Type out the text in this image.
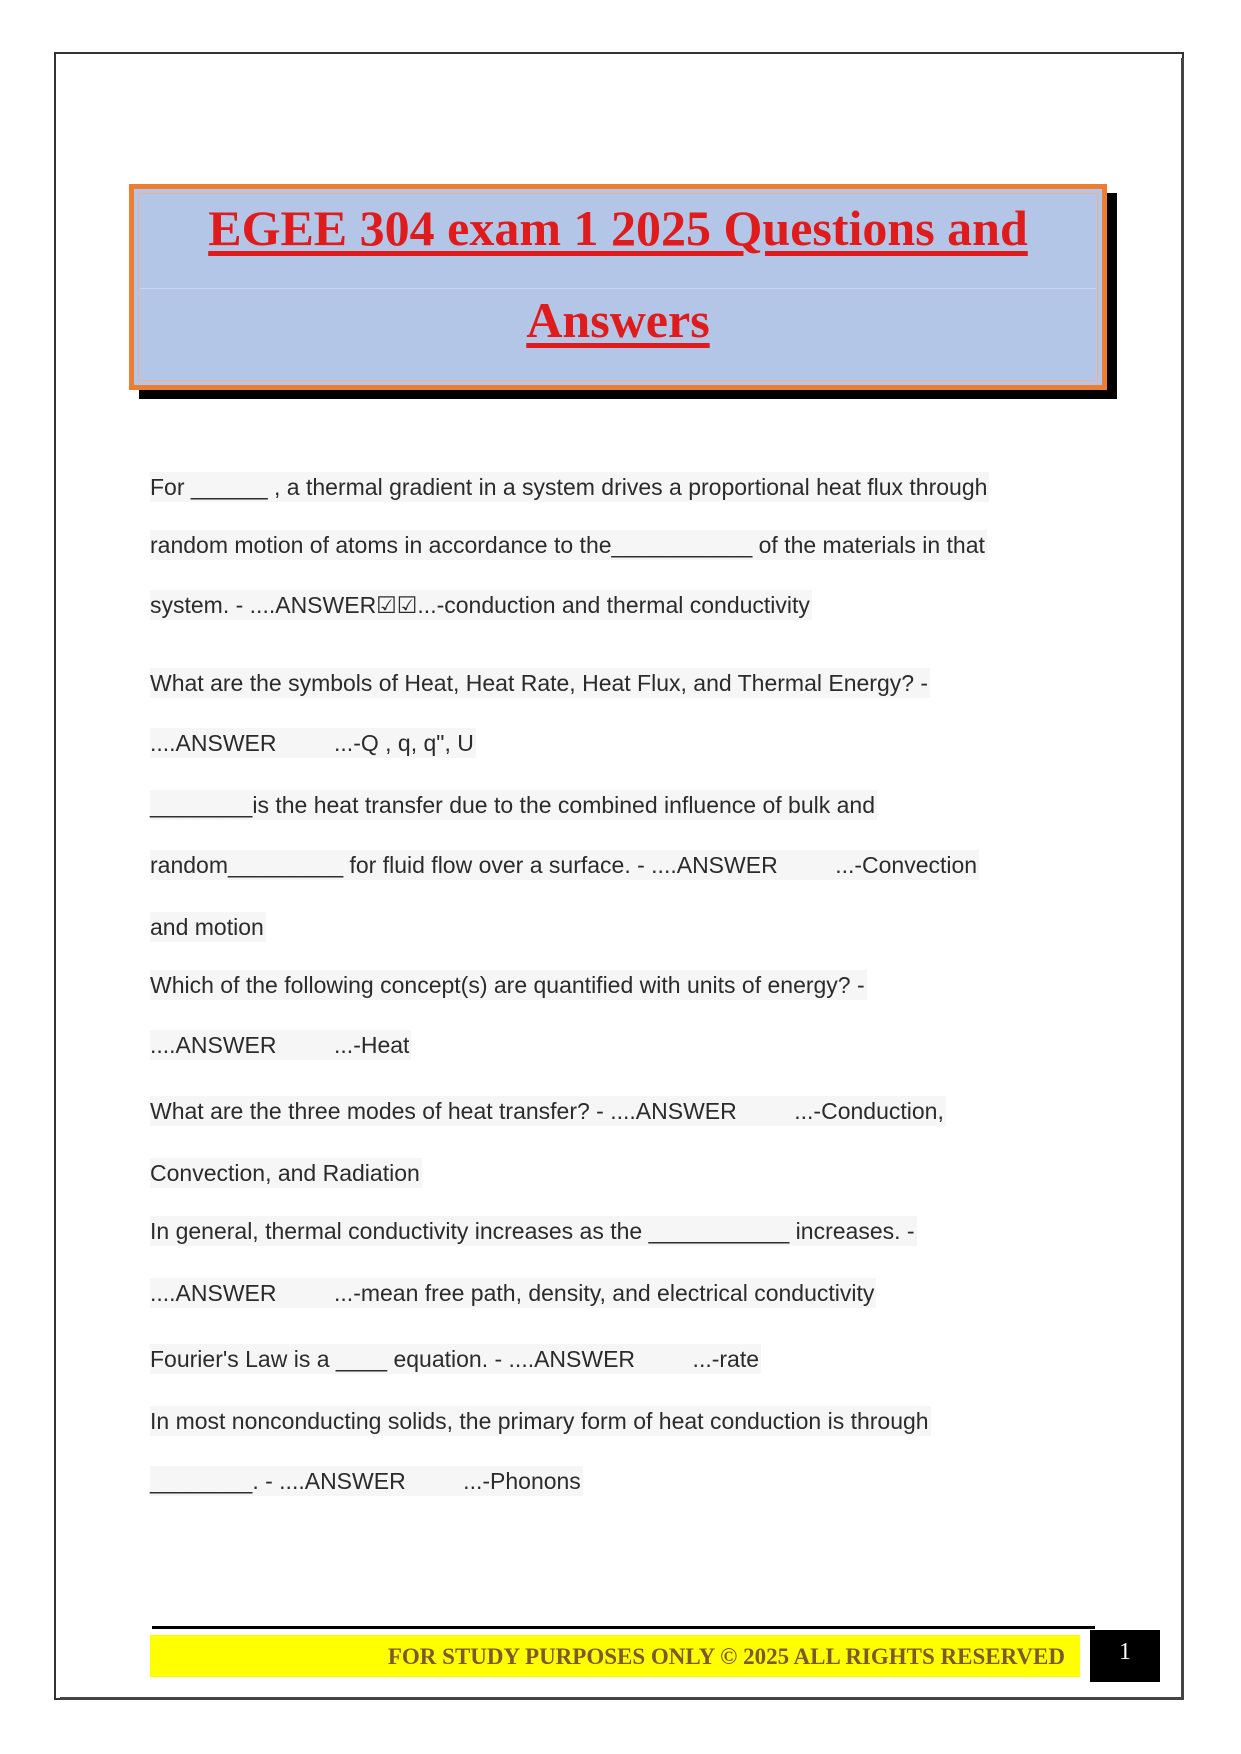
EGEE 304 exam 1 2025 Questions and
Answers
For ______ , a thermal gradient in a system drives a proportional heat flux through
random motion of atoms in accordance to the___________ of the materials in that
system. - ....ANSWER☑☑...-conduction and thermal conductivity
What are the symbols of Heat, Heat Rate, Heat Flux, and Thermal Energy? -
....ANSWER         ...-Q , q, q", U
________is the heat transfer due to the combined influence of bulk and
random_________ for fluid flow over a surface. - ....ANSWER         ...-Convection
and motion
Which of the following concept(s) are quantified with units of energy? -
....ANSWER         ...-Heat
What are the three modes of heat transfer? - ....ANSWER         ...-Conduction,
Convection, and Radiation
In general, thermal conductivity increases as the ___________ increases. -
....ANSWER         ...-mean free path, density, and electrical conductivity
Fourier's Law is a ____ equation. - ....ANSWER         ...-rate
In most nonconducting solids, the primary form of heat conduction is through
________. - ....ANSWER         ...-Phonons
FOR STUDY PURPOSES ONLY © 2025 ALL RIGHTS RESERVED	1
